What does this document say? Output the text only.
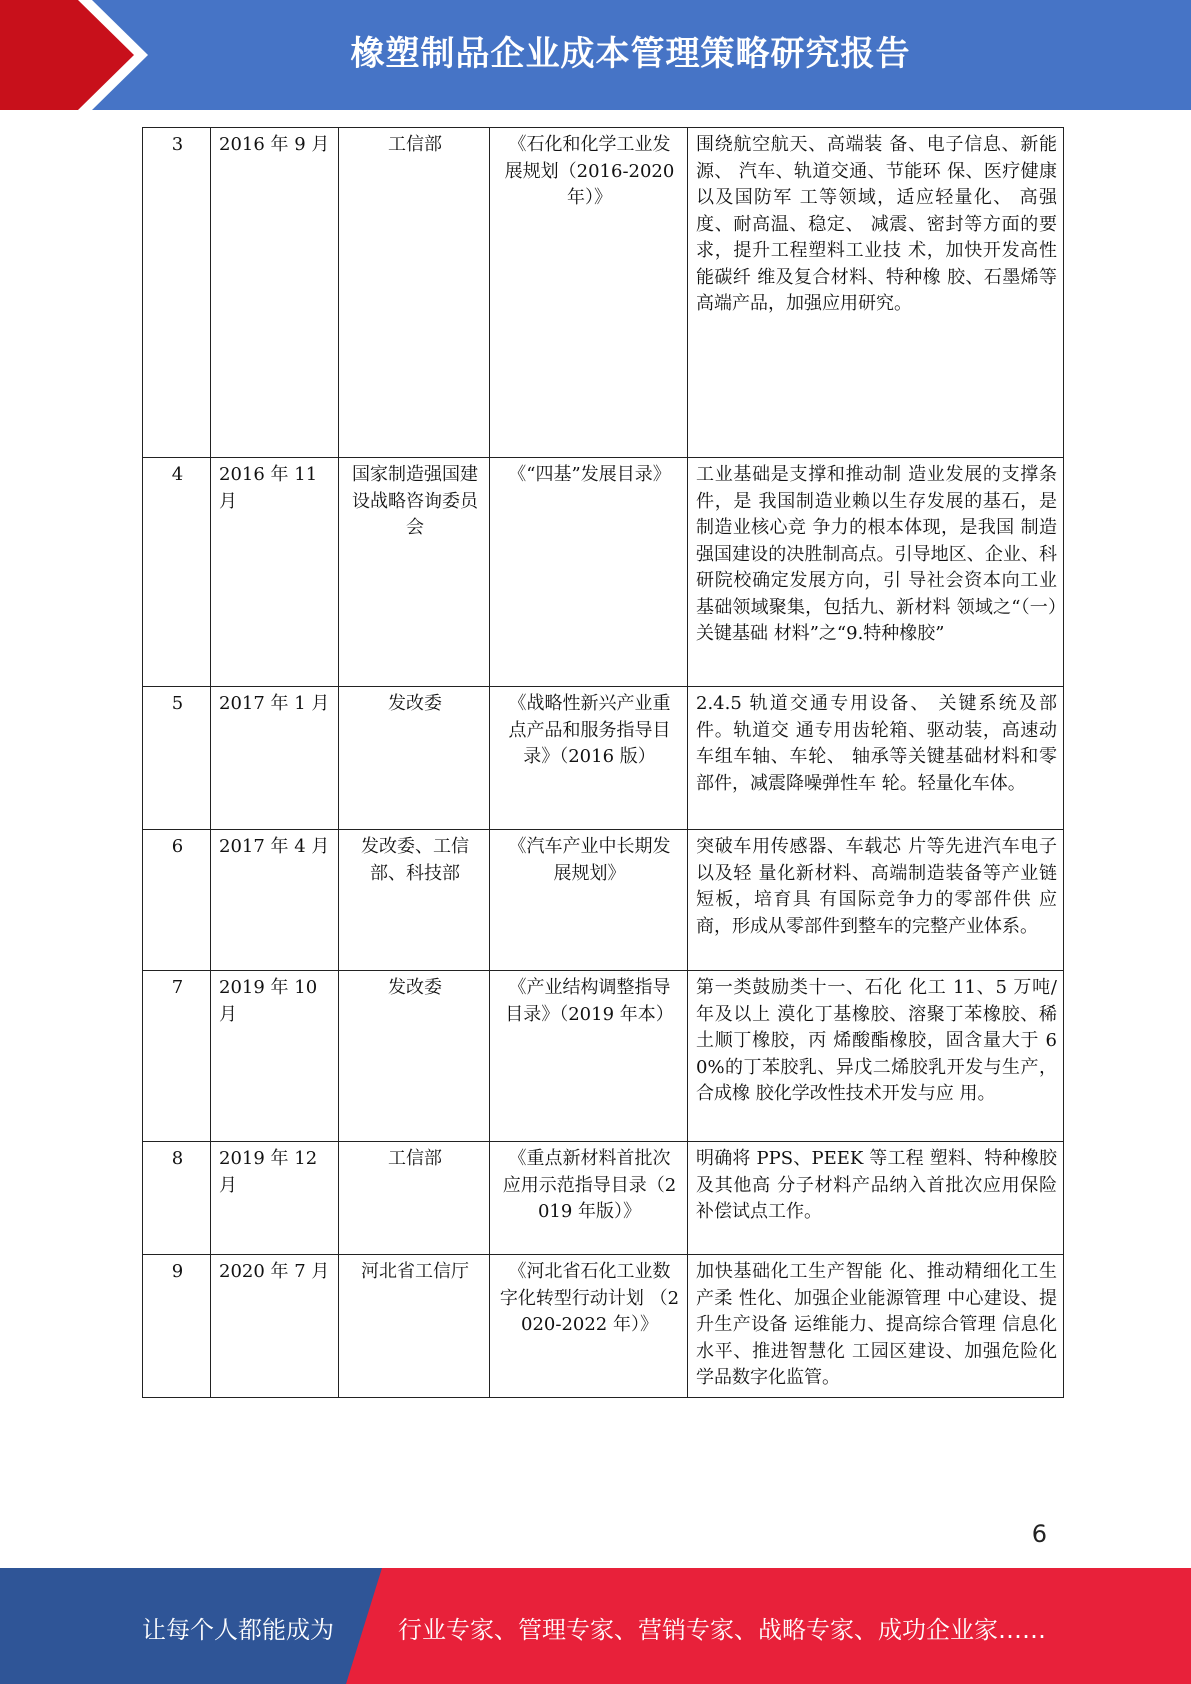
橡塑制品企业成本管理策略研究报告
3	2016 年 9 月	工信部	《石化和化学工业发 展规划（2016-2020 年）》	围绕航空航天、高端装 备、电子信息、新能源、 汽车、轨道交通、节能环 保、医疗健康以及国防军 工等领域，适应轻量化、 高强度、耐高温、稳定、 减震、密封等方面的要 求，提升工程塑料工业技 术，加快开发高性能碳纤 维及复合材料、特种橡 胶、石墨烯等高端产品，加强应用研究。
4	2016 年 11 月	国家制造强国建 设战略咨询委员 会	《“四基”发展目录》	工业基础是支撑和推动制 造业发展的支撑条件，是 我国制造业赖以生存发展的基石，是制造业核心竞 争力的根本体现，是我国 制造强国建设的决胜制高点。引导地区、企业、科 研院校确定发展方向，引 导社会资本向工业基础领域聚集，包括九、新材料 领域之“（一）关键基础 材料”之“9.特种橡胶”
5	2017 年 1 月	发改委	《战略性新兴产业重 点产品和服务指导目 录》（2016 版）	2.4.5 轨道交通专用设备、 关键系统及部件。轨道交 通专用齿轮箱、驱动装，高速动车组车轴、车轮、 轴承等关键基础材料和零 部件，减震降噪弹性车 轮。轻量化车体。
6	2017 年 4 月	发改委、工信部、科技部	《汽车产业中长期发 展规划》	突破车用传感器、车载芯 片等先进汽车电子以及轻 量化新材料、高端制造装备等产业链短板，培育具 有国际竞争力的零部件供 应商，形成从零部件到整车的完整产业体系。
7	2019 年 10 月	发改委	《产业结构调整指导 目录》（2019 年本）	第一类鼓励类十一、石化 化工 11、5 万吨/年及以上 漠化丁基橡胶、溶聚丁苯橡胶、稀土顺丁橡胶，丙 烯酸酯橡胶，固含量大于 60%的丁苯胶乳、异戊二烯胶乳开发与生产，合成橡 胶化学改性技术开发与应 用。
8	2019 年 12 月	工信部	《重点新材料首批次 应用示范指导目录（2019 年版）》	明确将 PPS、PEEK 等工程 塑料、特种橡胶及其他高 分子材料产品纳入首批次应用保险补偿试点工作。
9	2020 年 7 月	河北省工信厅	《河北省石化工业数 字化转型行动计划 （2020-2022 年）》	加快基础化工生产智能 化、推动精细化工生产柔 性化、加强企业能源管理 中心建设、提升生产设备 运维能力、提高综合管理 信息化水平、推进智慧化 工园区建设、加强危险化 学品数字化监管。
6
让每个人都能成为	行业专家、管理专家、营销专家、战略专家、成功企业家……
